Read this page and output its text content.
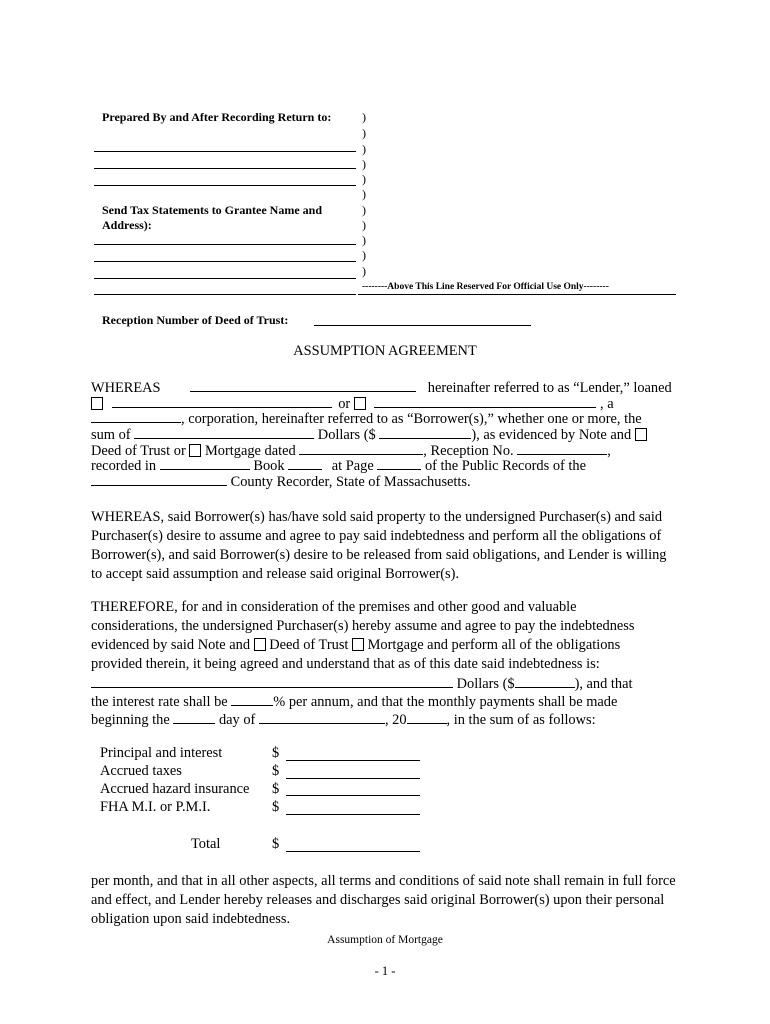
Prepared By and After Recording Return to:	)
)
)
)
)
)
)
)
)
)
)
Send Tax Statements to Grantee Name and
Address):
--------Above This Line Reserved For Official Use Only--------
Reception Number of Deed of Trust:
ASSUMPTION AGREEMENT
WHEREAS	hereinafter referred to as “Lender,” loaned
or	, a
, corporation, hereinafter referred to as “Borrower(s),” whether one or more, the
sum of	Dollars ($	), as evidenced by Note and
Deed of Trust or Mortgage dated	, Reception No.	,
recorded in	Book	at Page	of the Public Records of the
County Recorder, State of Massachusetts.
WHEREAS, said Borrower(s) has/have sold said property to the undersigned Purchaser(s) and said Purchaser(s) desire to assume and agree to pay said indebtedness and perform all the obligations of Borrower(s), and said Borrower(s) desire to be released from said obligations, and Lender is willing to accept said assumption and release said original Borrower(s).
THEREFORE, for and in consideration of the premises and other good and valuable
considerations, the undersigned Purchaser(s) hereby assume and agree to pay the indebtedness
evidenced by said Note and Deed of Trust Mortgage and perform all of the obligations
provided therein, it being agreed and understand that as of this date said indebtedness is:
Dollars ($	), and that
the interest rate shall be	% per annum, and that the monthly payments shall be made
beginning the	day of	, 20	, in the sum of as follows:
Principal and interest	$
Accrued taxes	$
Accrued hazard insurance $
FHA M.I. or P.M.I.	$
Total	$
per month, and that in all other aspects, all terms and conditions of said note shall remain in full force and effect, and Lender hereby releases and discharges said original Borrower(s) upon their personal obligation upon said indebtedness.
Assumption of Mortgage
- 1 -
